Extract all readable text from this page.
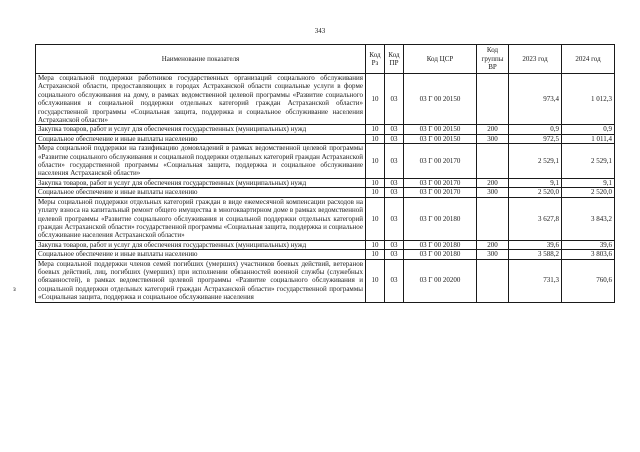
343
з
Наименование показателя	Код Рз	Код ПР	Код ЦСР	Код группы ВР	2023 год	2024 год
Мера социальной поддержки работников государственных организаций социального обслуживания Астраханской области, предоставляющих в городах Астраханской области социальные услуги в форме социального обслуживания на дому, в рамках ведомственной целевой программы «Развитие социального обслуживания и социальной поддержки отдельных категорий граждан Астраханской области» государственной программы «Социальная защита, поддержка и социальное обслуживание населения Астраханской области»	10	03	03 Г 00 20150		973,4	1 012,3
Закупка товаров, работ и услуг для обеспечения государственных (муниципальных) нужд	10	03	03 Г 00 20150	200	0,9	0,9
Социальное обеспечение и иные выплаты населению	10	03	03 Г 00 20150	300	972,5	1 011,4
Мера социальной поддержки на газификацию домовладений в рамках ведомственной целевой программы «Развитие социального обслуживания и социальной поддержки отдельных категорий граждан Астраханской области» государственной программы «Социальная защита, поддержка и социальное обслуживание населения Астраханской области»	10	03	03 Г 00 20170		2 529,1	2 529,1
Закупка товаров, работ и услуг для обеспечения государственных (муниципальных) нужд	10	03	03 Г 00 20170	200	9,1	9,1
Социальное обеспечение и иные выплаты населению	10	03	03 Г 00 20170	300	2 520,0	2 520,0
Меры социальной поддержки отдельных категорий граждан в виде ежемесячной компенсации расходов на уплату взноса на капитальный ремонт общего имущества в многоквартирном доме в рамках ведомственной целевой программы «Развитие социального обслуживания и социальной поддержки отдельных категорий граждан Астраханской области» государственной программы «Социальная защита, поддержка и социальное обслуживание населения Астраханской области»	10	03	03 Г 00 20180		3 627,8	3 843,2
Закупка товаров, работ и услуг для обеспечения государственных (муниципальных) нужд	10	03	03 Г 00 20180	200	39,6	39,6
Социальное обеспечение и иные выплаты населению	10	03	03 Г 00 20180	300	3 588,2	3 803,6
Мера социальной поддержки членов семей погибших (умерших) участников боевых действий, ветеранов боевых действий, лиц, погибших (умерших) при исполнении обязанностей военной службы (служебных обязанностей), в рамках ведомственной целевой программы «Развитие социального обслуживания и социальной поддержки отдельных категорий граждан Астраханской области» государственной программы «Социальная защита, поддержка и социальное обслуживание населения	10	03	03 Г 00 20200		731,3	760,6
